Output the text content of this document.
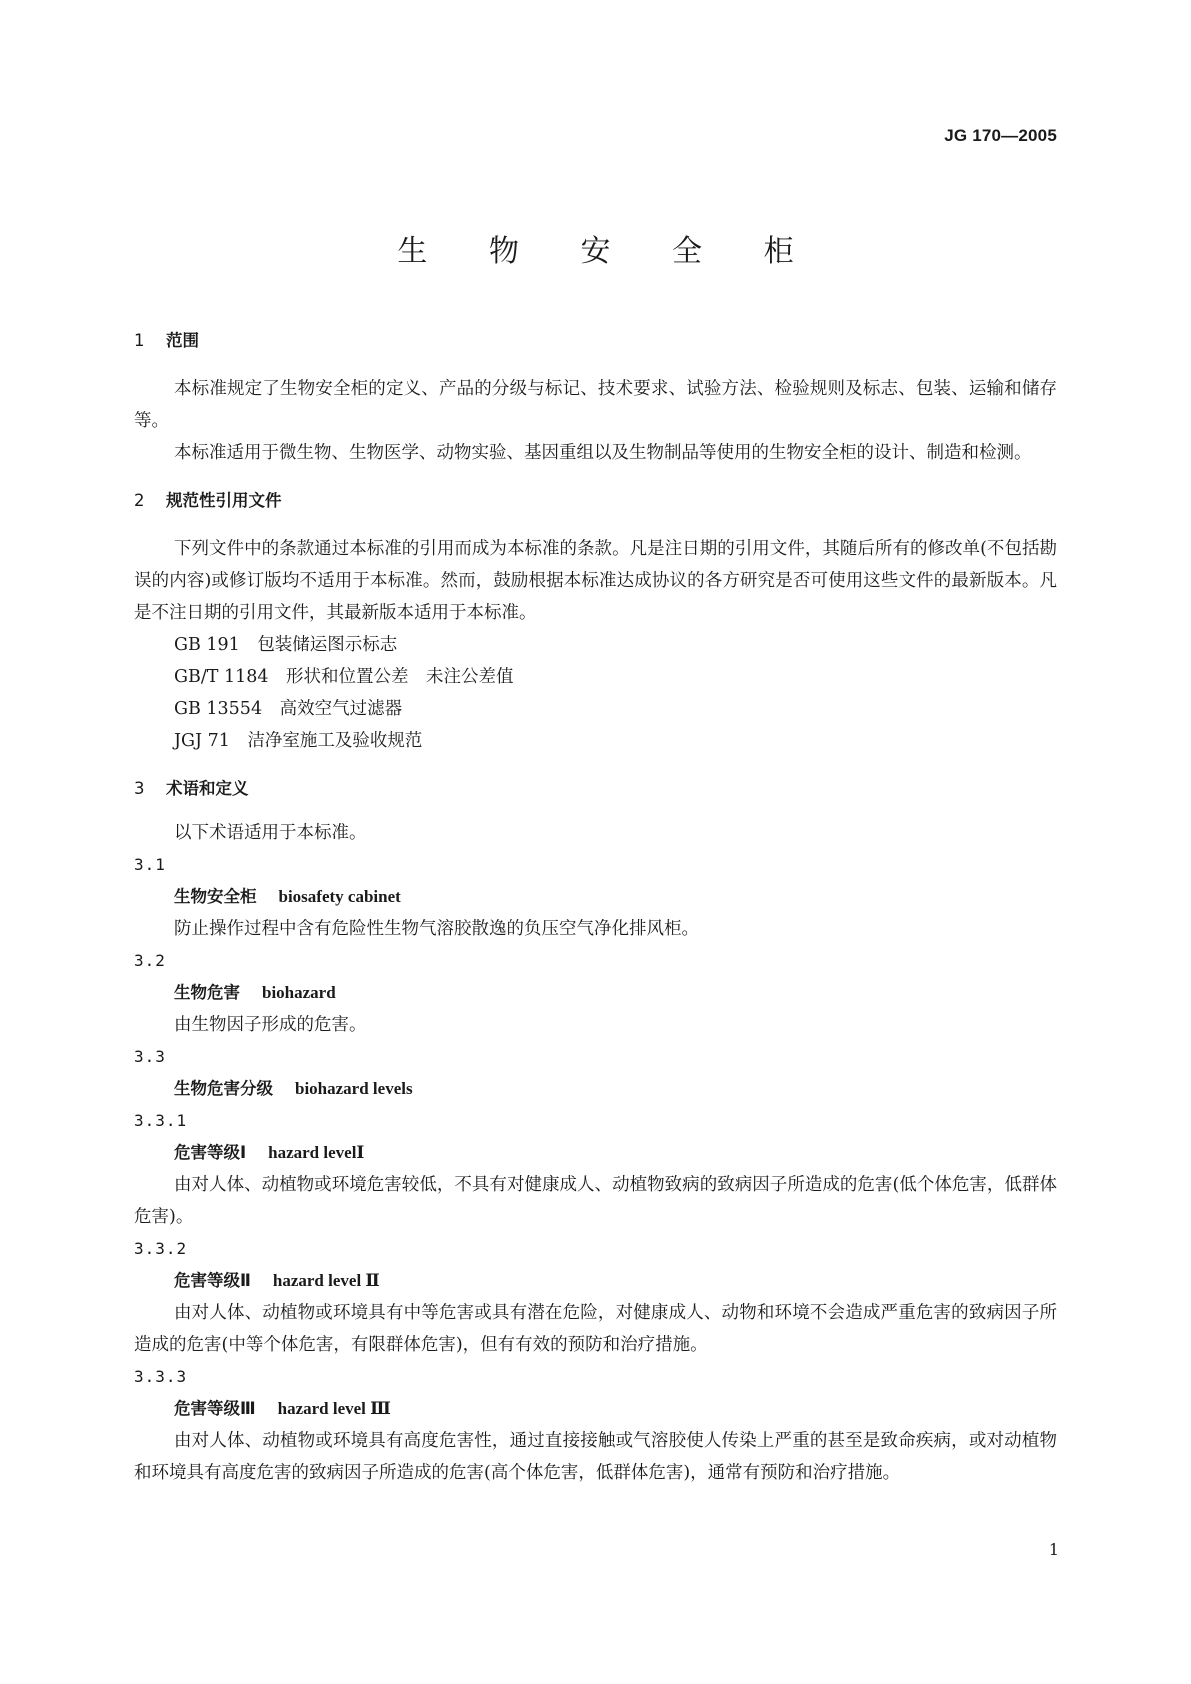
JG 170—2005
生 物 安 全 柜
1 范围

本标准规定了生物安全柜的定义、产品的分级与标记、技术要求、试验方法、检验规则及标志、包装、运输和储存等。

本标准适用于微生物、生物医学、动物实验、基因重组以及生物制品等使用的生物安全柜的设计、制造和检测。

2 规范性引用文件

下列文件中的条款通过本标准的引用而成为本标准的条款。凡是注日期的引用文件，其随后所有的修改单(不包括勘误的内容)或修订版均不适用于本标准。然而，鼓励根据本标准达成协议的各方研究是否可使用这些文件的最新版本。凡是不注日期的引用文件，其最新版本适用于本标准。

GB 191　 包装储运图示标志

GB/T 1184　 形状和位置公差　未注公差值

GB 13554　 高效空气过滤器

JGJ 71　 洁净室施工及验收规范

3 术语和定义

以下术语适用于本标准。

3.1

生物安全柜 biosafety cabinet

防止操作过程中含有危险性生物气溶胶散逸的负压空气净化排风柜。

3.2

生物危害 biohazard

由生物因子形成的危害。

3.3

生物危害分级 biohazard levels

3.3.1

危害等级Ⅰ hazard levelⅠ

由对人体、动植物或环境危害较低，不具有对健康成人、动植物致病的致病因子所造成的危害(低个体危害，低群体危害)。

3.3.2

危害等级Ⅱ hazard level Ⅱ

由对人体、动植物或环境具有中等危害或具有潜在危险，对健康成人、动物和环境不会造成严重危害的致病因子所造成的危害(中等个体危害，有限群体危害)，但有有效的预防和治疗措施。

3.3.3

危害等级Ⅲ hazard level Ⅲ

由对人体、动植物或环境具有高度危害性，通过直接接触或气溶胶使人传染上严重的甚至是致命疾病，或对动植物和环境具有高度危害的致病因子所造成的危害(高个体危害，低群体危害)，通常有预防和治疗措施。

1
